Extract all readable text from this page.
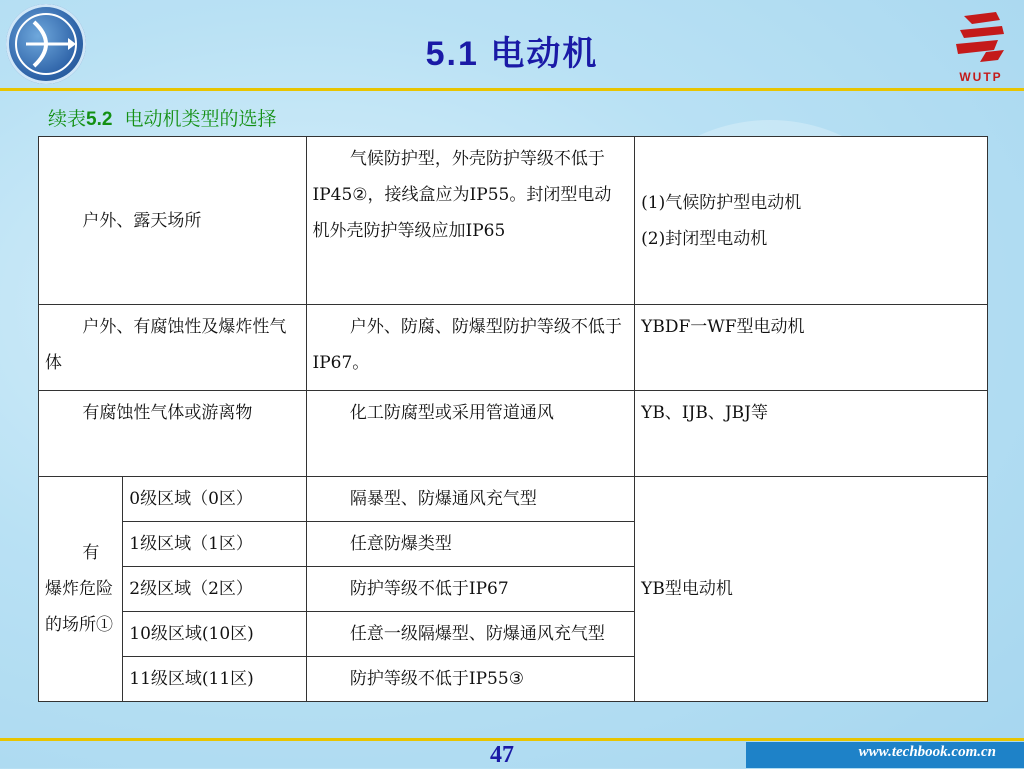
5.1 电动机
WUTP
续表5.2 电动机类型的选择
户外、露天场所		气候防护型，外壳防护等级不低于IP45②，接线盒应为IP55。封闭型电动机外壳防护等级应加IP65	(1)气候防护型电动机
(2)封闭型电动机

户外、有腐蚀性及爆炸性气体		户外、防腐、防爆型防护等级不低于IP67。	YBDF一WF型电动机
有腐蚀性气体或游离物		化工防腐型或采用管道通风	YB、IJB、JBJ等
有爆炸危险的场所①	0级区域（0区）	隔暴型、防爆通风充气型	YB型电动机
	1级区域（1区）	任意防爆类型	
	2级区域（2区）	防护等级不低于IP67	
	10级区域(10区)	任意一级隔爆型、防爆通风充气型	
	11级区域(11区)	防护等级不低于IP55③	
47	www.techbook.com.cn
